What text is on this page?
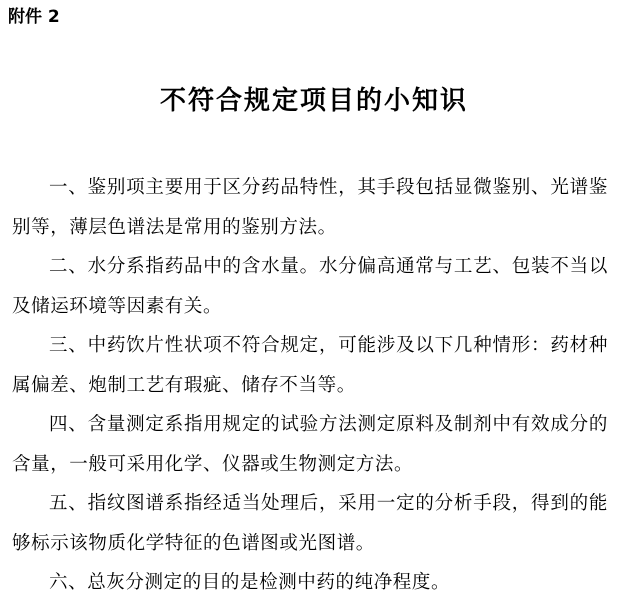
附件 2
不符合规定项目的小知识

一、鉴别项主要用于区分药品特性，其手段包括显微鉴别、光谱鉴别等，薄层色谱法是常用的鉴别方法。

二、水分系指药品中的含水量。水分偏高通常与工艺、包装不当以及储运环境等因素有关。

三、中药饮片性状项不符合规定，可能涉及以下几种情形：药材种属偏差、炮制工艺有瑕疵、储存不当等。

四、含量测定系指用规定的试验方法测定原料及制剂中有效成分的含量，一般可采用化学、仪器或生物测定方法。

五、指纹图谱系指经适当处理后，采用一定的分析手段，得到的能够标示该物质化学特征的色谱图或光图谱。

六、总灰分测定的目的是检测中药的纯净程度。
